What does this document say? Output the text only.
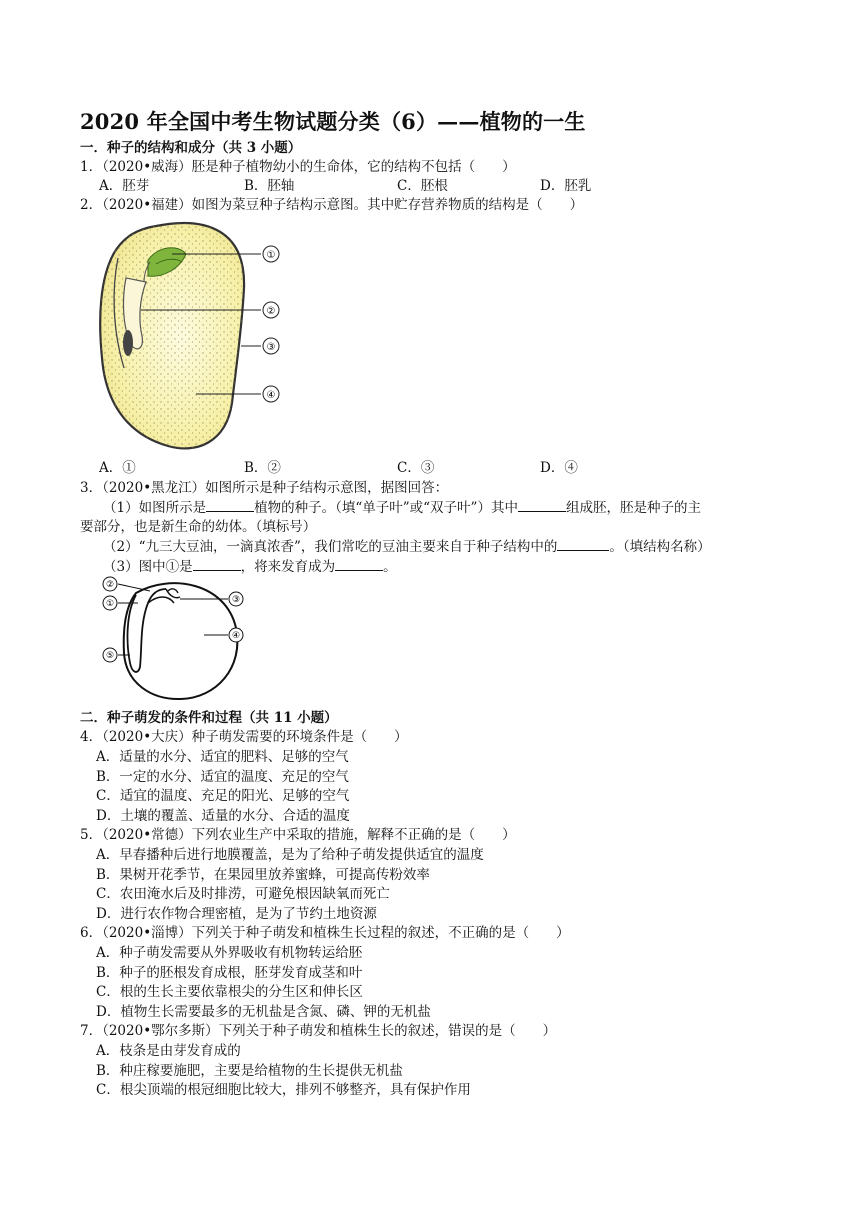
2020 年全国中考生物试题分类（6）——植物的一生
一．种子的结构和成分（共 3 小题）
1．（2020•威海）胚是种子植物幼小的生命体，它的结构不包括（　　）
A．胚芽	B．胚轴	C．胚根	D．胚乳
2．（2020•福建）如图为菜豆种子结构示意图。其中贮存营养物质的结构是（　　）
①
②
③
④
A．①	B．②	C．③	D．④
3．（2020•黑龙江）如图所示是种子结构示意图，据图回答：
（1）如图所示是	植物的种子。（填“单子叶”或“双子叶”）其中	组成胚，胚是种子的主
要部分，也是新生命的幼体。（填标号）
（2）“九三大豆油，一滴真浓香”，我们常吃的豆油主要来自于种子结构中的	。（填结构名称）
（3）图中①是	，将来发育成为	。
②
①	③
④
⑤
二．种子萌发的条件和过程（共 11 小题）
4．（2020•大庆）种子萌发需要的环境条件是（　　）
A．适量的水分、适宜的肥料、足够的空气
B．一定的水分、适宜的温度、充足的空气
C．适宜的温度、充足的阳光、足够的空气
D．土壤的覆盖、适量的水分、合适的温度
5．（2020•常德）下列农业生产中采取的措施，解释不正确的是（　　）
A．早春播种后进行地膜覆盖，是为了给种子萌发提供适宜的温度
B．果树开花季节，在果园里放养蜜蜂，可提高传粉效率
C．农田淹水后及时排涝，可避免根因缺氧而死亡
D．进行农作物合理密植，是为了节约土地资源
6．（2020•淄博）下列关于种子萌发和植株生长过程的叙述，不正确的是（　　）
A．种子萌发需要从外界吸收有机物转运给胚
B．种子的胚根发育成根，胚芽发育成茎和叶
C．根的生长主要依靠根尖的分生区和伸长区
D．植物生长需要最多的无机盐是含氮、磷、钾的无机盐
7．（2020•鄂尔多斯）下列关于种子萌发和植株生长的叙述，错误的是（　　）
A．枝条是由芽发育成的
B．种庄稼要施肥，主要是给植物的生长提供无机盐
C．根尖顶端的根冠细胞比较大，排列不够整齐，具有保护作用
